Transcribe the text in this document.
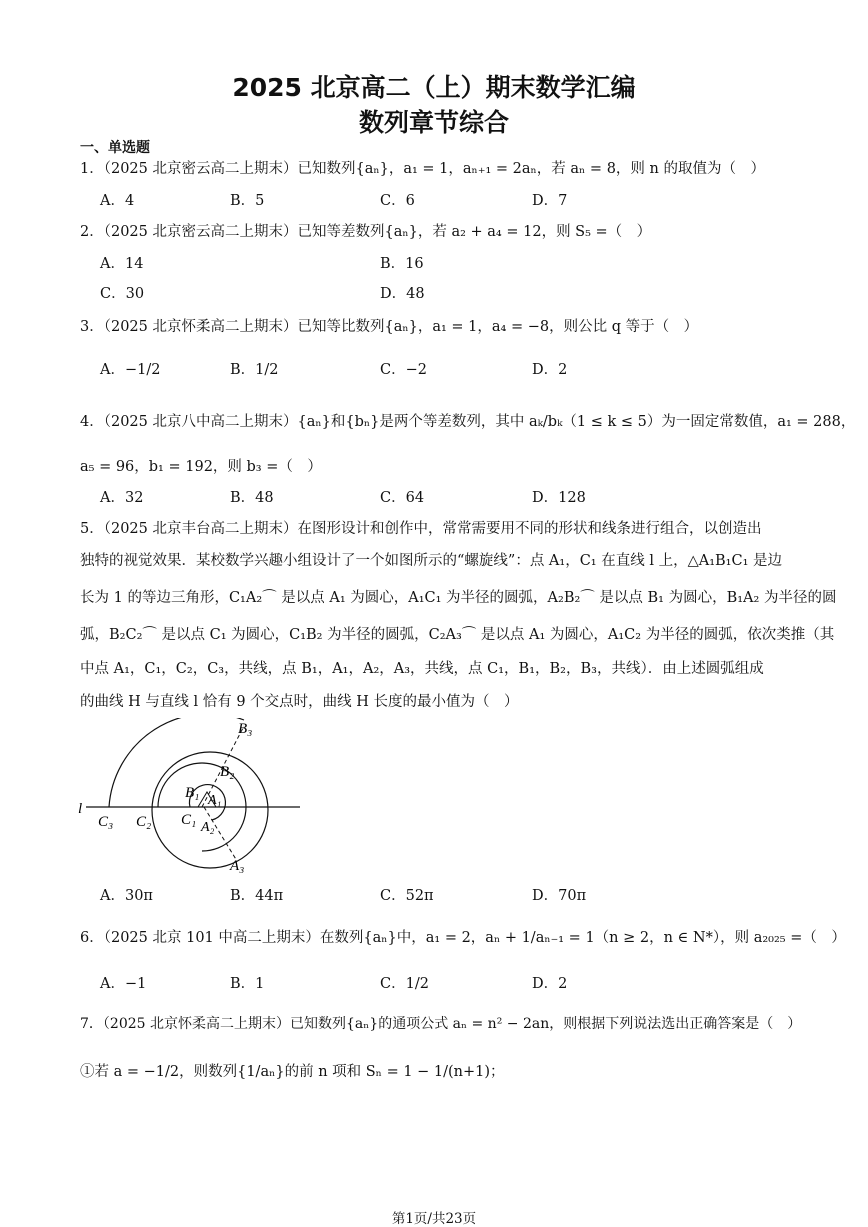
2025 北京高二（上）期末数学汇编
数列章节综合
一、单选题
1．（2025 北京密云高二上期末）已知数列{aₙ}，a₁ = 1，aₙ₊₁ = 2aₙ，若 aₙ = 8，则 n 的取值为（　）
A．4	B．5	C．6	D．7
2．（2025 北京密云高二上期末）已知等差数列{aₙ}，若 a₂ + a₄ = 12，则 S₅ =（　）
A．14	B．16
C．30	D．48
3．（2025 北京怀柔高二上期末）已知等比数列{aₙ}，a₁ = 1，a₄ = −8，则公比 q 等于（　）
A．−1/2	B．1/2	C．−2	D．2
4．（2025 北京八中高二上期末）{aₙ}和{bₙ}是两个等差数列，其中 aₖ/bₖ（1 ≤ k ≤ 5）为一固定常数值，a₁ = 288，
a₅ = 96，b₁ = 192，则 b₃ =（　）
A．32	B．48	C．64	D．128
5．（2025 北京丰台高二上期末）在图形设计和创作中，常常需要用不同的形状和线条进行组合，以创造出
独特的视觉效果．某校数学兴趣小组设计了一个如图所示的“螺旋线”：点 A₁，C₁ 在直线 l 上，△A₁B₁C₁ 是边
长为 1 的等边三角形，C₁A₂⌒ 是以点 A₁ 为圆心，A₁C₁ 为半径的圆弧，A₂B₂⌒ 是以点 B₁ 为圆心，B₁A₂ 为半径的圆
弧，B₂C₂⌒ 是以点 C₁ 为圆心，C₁B₂ 为半径的圆弧，C₂A₃⌒ 是以点 A₁ 为圆心，A₁C₂ 为半径的圆弧，依次类推（其
中点 A₁，C₁，C₂，C₃，共线，点 B₁，A₁，A₂，A₃，共线，点 C₁，B₁，B₂，B₃，共线）．由上述圆弧组成
的曲线 H 与直线 l 恰有 9 个交点时，曲线 H 长度的最小值为（　）
l
B₃
B₂
B₁ A₁
C₃ C₂ C₁ A₂
A₃
A．30π	B．44π	C．52π	D．70π
6．（2025 北京 101 中高二上期末）在数列{aₙ}中，a₁ = 2，aₙ + 1/aₙ₋₁ = 1（n ≥ 2，n ∈ N*），则 a₂₀₂₅ =（　）
A．−1	B．1	C．1/2	D．2
7．（2025 北京怀柔高二上期末）已知数列{aₙ}的通项公式 aₙ = n² − 2an，则根据下列说法选出正确答案是（　）
①若 a = −1/2，则数列{1/aₙ}的前 n 项和 Sₙ = 1 − 1/(n+1)；
第1页/共23页
